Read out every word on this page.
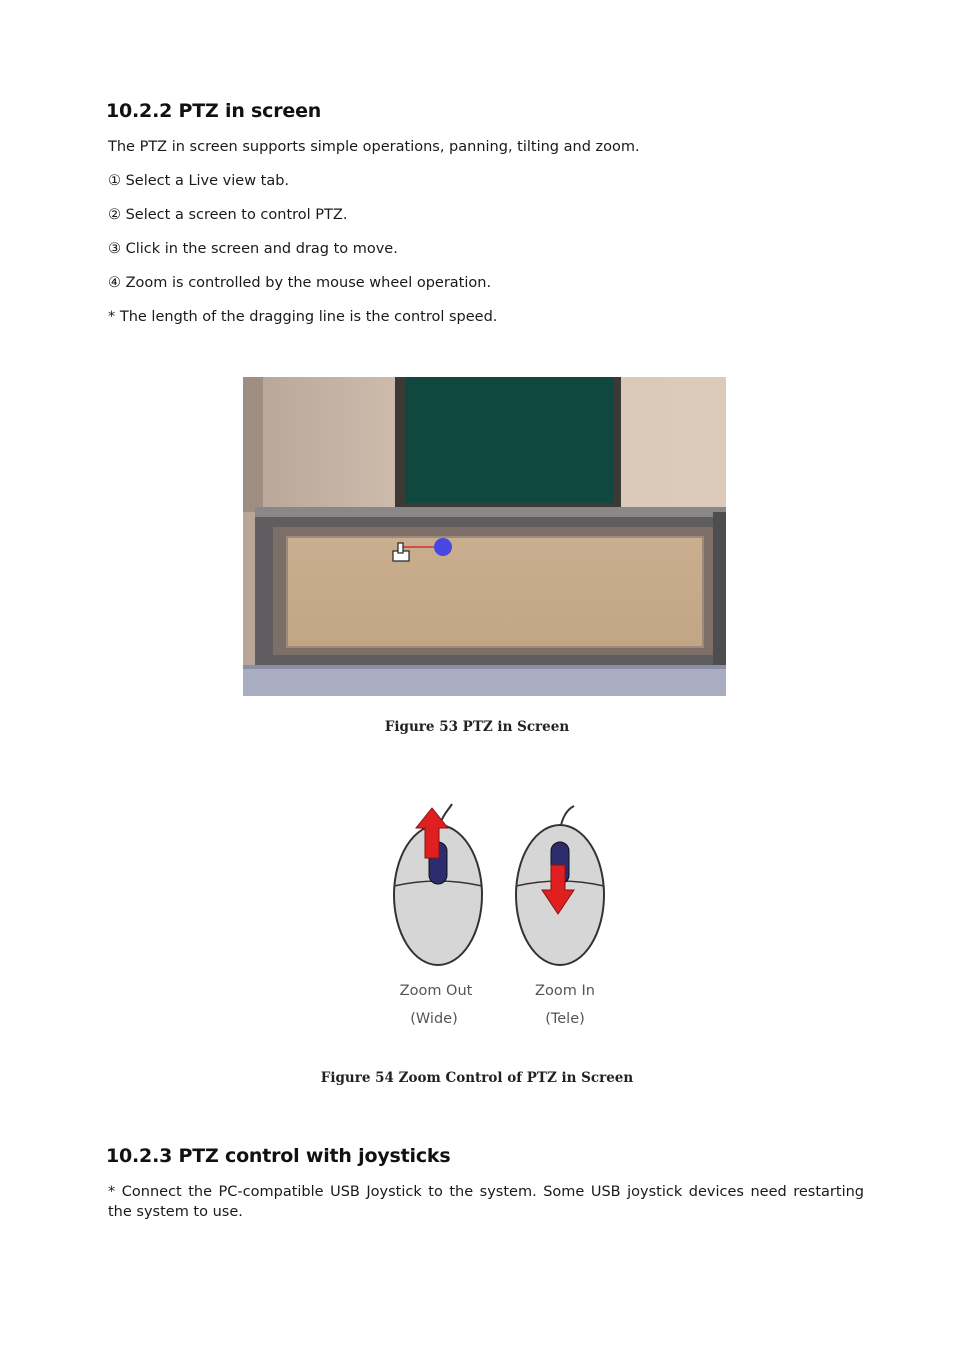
10.2.2 PTZ in screen

The PTZ in screen supports simple operations, panning, tilting and zoom.

① Select a Live view tab.

② Select a screen to control PTZ.

③ Click in the screen and drag to move.

④ Zoom is controlled by the mouse wheel operation.

* The length of the dragging line is the control speed.

Figure 53 PTZ in Screen

Zoom Out
(Wide)
Zoom In
(Tele)

Figure 54 Zoom Control of PTZ in Screen

10.2.3 PTZ control with joysticks

* Connect the PC-compatible USB Joystick to the system. Some USB joystick devices need restarting the system to use.
